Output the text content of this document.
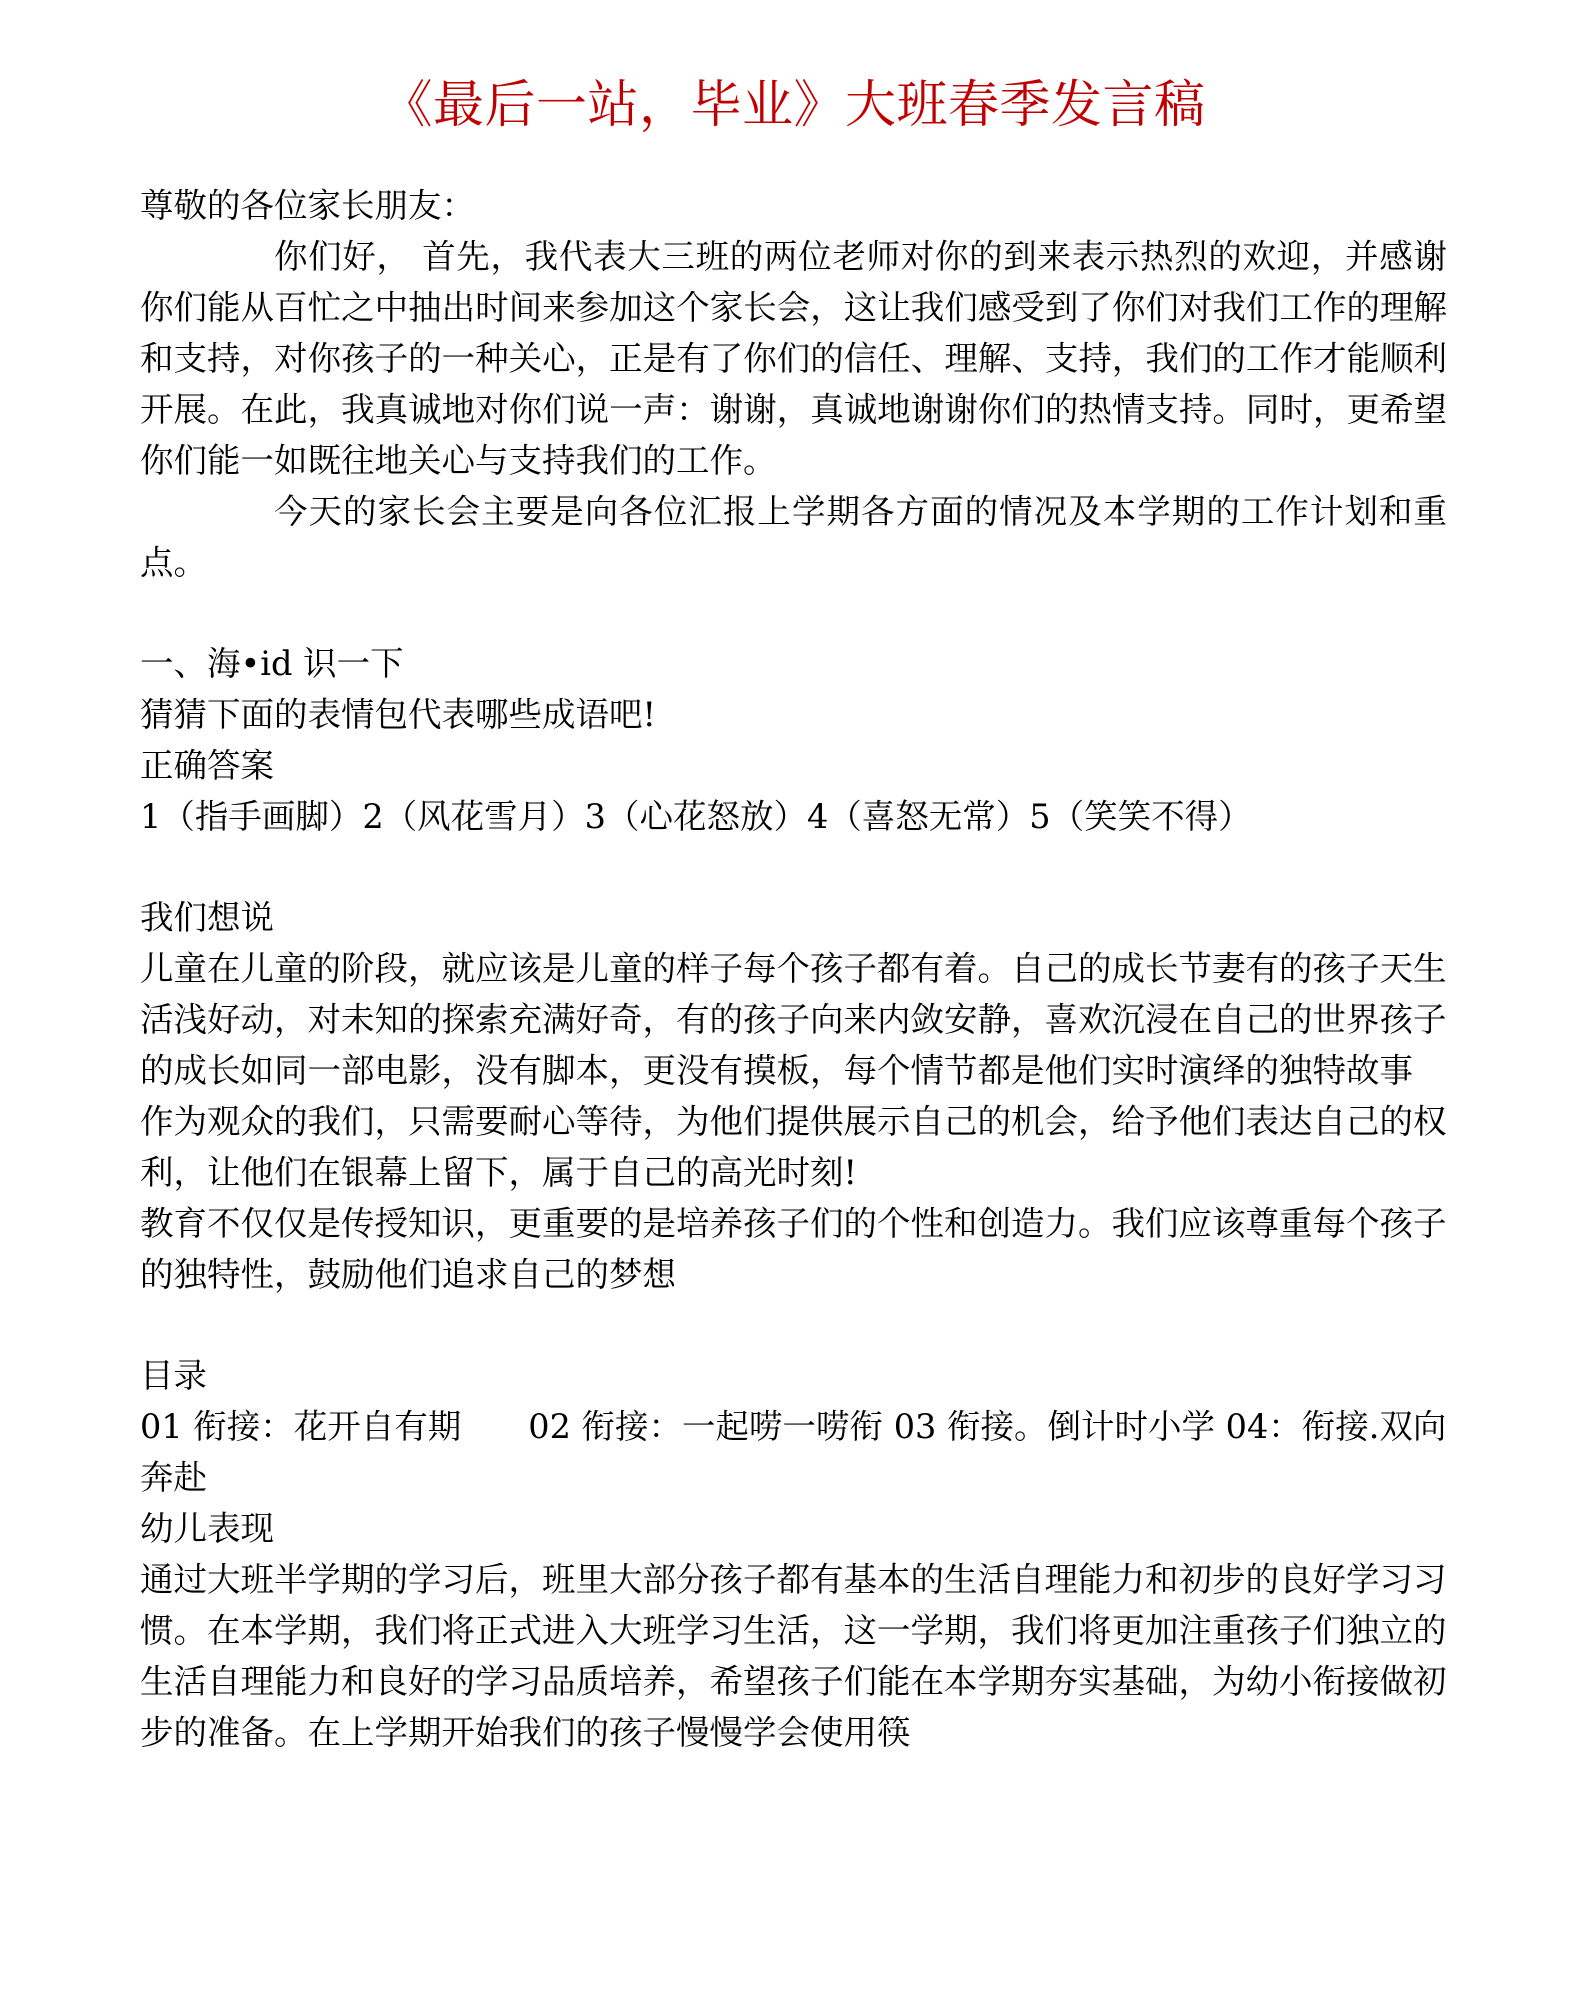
《最后一站，毕业》大班春季发言稿

尊敬的各位家长朋友：

你们好， 首先，我代表大三班的两位老师对你的到来表示热烈的欢迎，并感谢你们能从百忙之中抽出时间来参加这个家长会，这让我们感受到了你们对我们工作的理解和支持，对你孩子的一种关心，正是有了你们的信任、理解、支持，我们的工作才能顺利开展。在此，我真诚地对你们说一声：谢谢，真诚地谢谢你们的热情支持。同时，更希望你们能一如既往地关心与支持我们的工作。

今天的家长会主要是向各位汇报上学期各方面的情况及本学期的工作计划和重点。

一、海•id 识一下

猜猜下面的表情包代表哪些成语吧!

正确答案

1（指手画脚）2（风花雪月）3（心花怒放）4（喜怒无常）5（笑笑不得）

我们想说

儿童在儿童的阶段，就应该是儿童的样子每个孩子都有着。自己的成长节妻有的孩子天生活浅好动，对未知的探索充满好奇，有的孩子向来内敛安静，喜欢沉浸在自己的世界孩子的成长如同一部电影，没有脚本，更没有摸板，每个情节都是他们实时演绎的独特故事

作为观众的我们，只需要耐心等待，为他们提供展示自己的机会，给予他们表达自己的权利，让他们在银幕上留下，属于自己的高光时刻!

教育不仅仅是传授知识，更重要的是培养孩子们的个性和创造力。我们应该尊重每个孩子的独特性，鼓励他们追求自己的梦想

目录

01 衔接：花开自有期　　02 衔接：一起唠一唠衔 03 衔接。倒计时小学 04：衔接.双向奔赴

幼儿表现

通过大班半学期的学习后，班里大部分孩子都有基本的生活自理能力和初步的良好学习习惯。在本学期，我们将正式进入大班学习生活，这一学期，我们将更加注重孩子们独立的生活自理能力和良好的学习品质培养，希望孩子们能在本学期夯实基础，为幼小衔接做初步的准备。在上学期开始我们的孩子慢慢学会使用筷
